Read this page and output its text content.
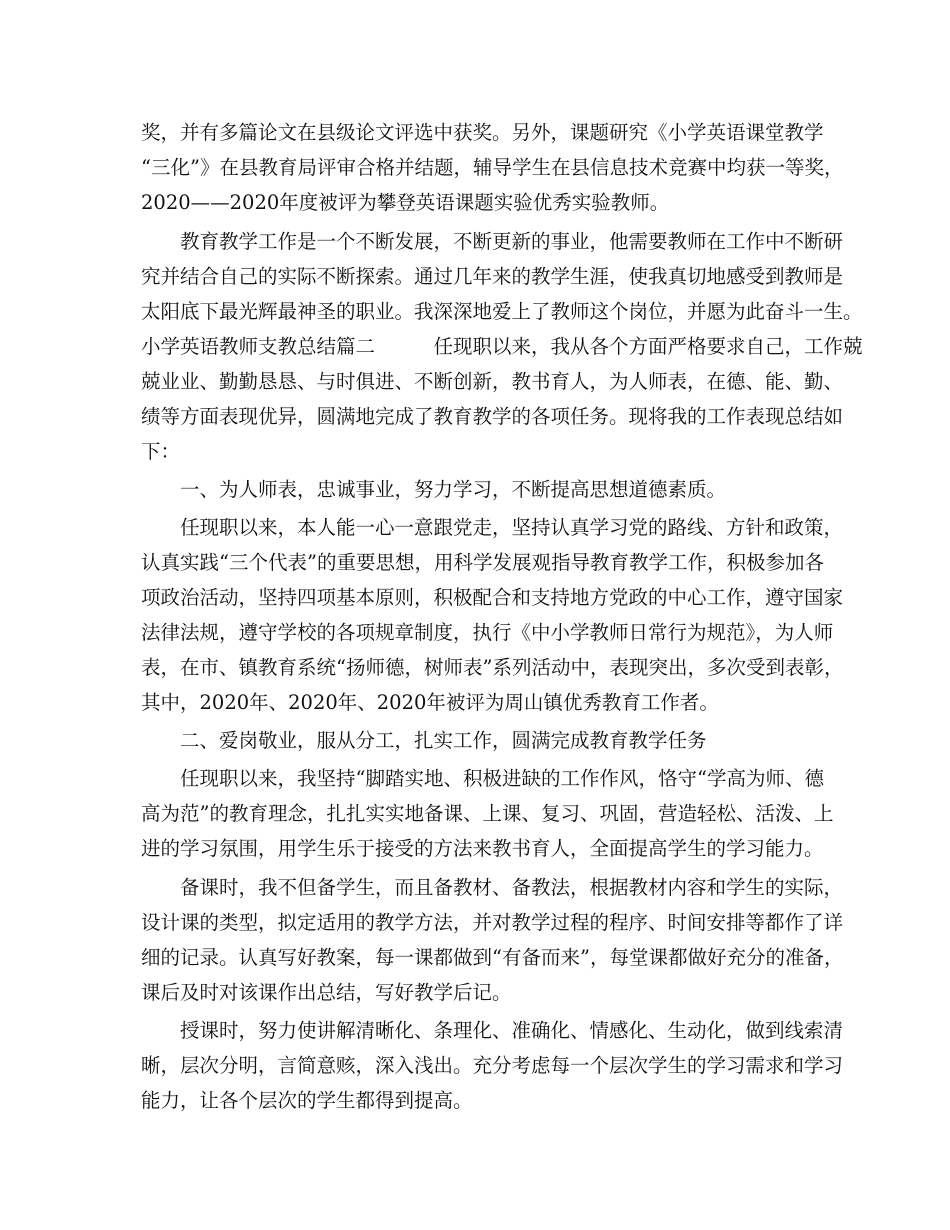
奖，并有多篇论文在县级论文评选中获奖。另外，课题研究《小学英语课堂教学
“三化”》在县教育局评审合格并结题，辅导学生在县信息技术竞赛中均获一等奖，
2020——2020年度被评为攀登英语课题实验优秀实验教师。
　　教育教学工作是一个不断发展，不断更新的事业，他需要教师在工作中不断研
究并结合自己的实际不断探索。通过几年来的教学生涯，使我真切地感受到教师是
太阳底下最光辉最神圣的职业。我深深地爱上了教师这个岗位，并愿为此奋斗一生。
小学英语教师支教总结篇二　　　任现职以来，我从各个方面严格要求自己，工作兢
兢业业、勤勤恳恳、与时俱进、不断创新，教书育人，为人师表，在德、能、勤、
绩等方面表现优异，圆满地完成了教育教学的各项任务。现将我的工作表现总结如
下：
　　一、为人师表，忠诚事业，努力学习，不断提高思想道德素质。
　　任现职以来，本人能一心一意跟党走，坚持认真学习党的路线、方针和政策，
认真实践“三个代表”的重要思想，用科学发展观指导教育教学工作，积极参加各
项政治活动，坚持四项基本原则，积极配合和支持地方党政的中心工作，遵守国家
法律法规，遵守学校的各项规章制度，执行《中小学教师日常行为规范》，为人师
表，在市、镇教育系统“扬师德，树师表”系列活动中，表现突出，多次受到表彰，
其中，2020年、2020年、2020年被评为周山镇优秀教育工作者。
　　二、爱岗敬业，服从分工，扎实工作，圆满完成教育教学任务
　　任现职以来，我坚持“脚踏实地、积极进缺的工作作风，恪守“学高为师、德
高为范”的教育理念，扎扎实实地备课、上课、复习、巩固，营造轻松、活泼、上
进的学习氛围，用学生乐于接受的方法来教书育人，全面提高学生的学习能力。
　　备课时，我不但备学生，而且备教材、备教法，根据教材内容和学生的实际，
设计课的类型，拟定适用的教学方法，并对教学过程的程序、时间安排等都作了详
细的记录。认真写好教案，每一课都做到“有备而来”，每堂课都做好充分的准备，
课后及时对该课作出总结，写好教学后记。
　　授课时，努力使讲解清晰化、条理化、准确化、情感化、生动化，做到线索清
晰，层次分明，言简意赅，深入浅出。充分考虑每一个层次学生的学习需求和学习
能力，让各个层次的学生都得到提高。
